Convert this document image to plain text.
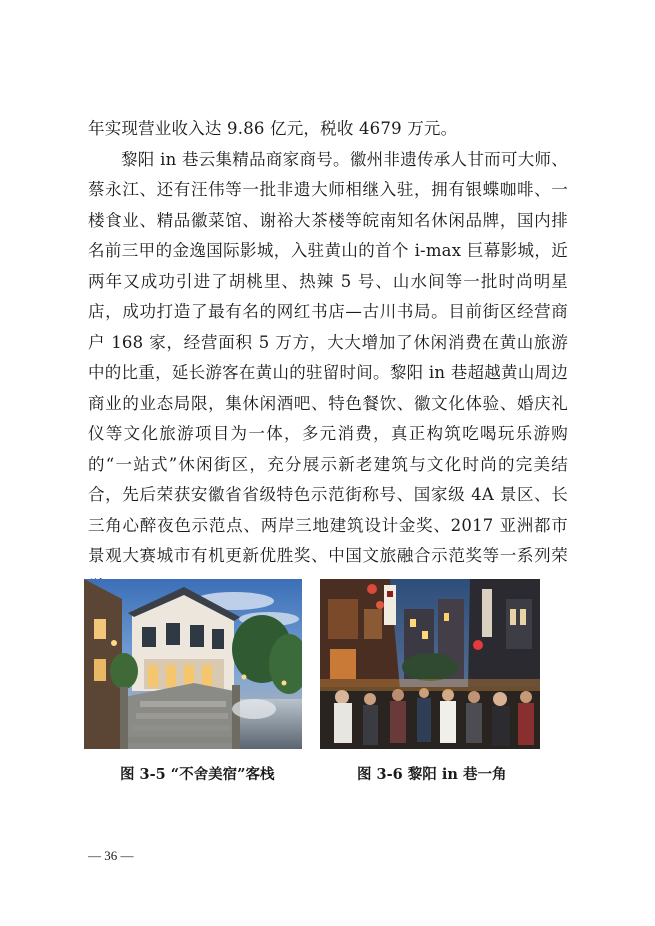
年实现营业收入达 9.86 亿元，税收 4679 万元。

黎阳 in 巷云集精品商家商号。徽州非遗传承人甘而可大师、蔡永江、还有汪伟等一批非遗大师相继入驻，拥有银蝶咖啡、一楼食业、精品徽菜馆、谢裕大茶楼等皖南知名休闲品牌，国内排名前三甲的金逸国际影城，入驻黄山的首个 i-max 巨幕影城，近两年又成功引进了胡桃里、热辣 5 号、山水间等一批时尚明星店，成功打造了最有名的网红书店—古川书局。目前街区经营商户 168 家，经营面积 5 万方，大大增加了休闲消费在黄山旅游中的比重，延长游客在黄山的驻留时间。黎阳 in 巷超越黄山周边商业的业态局限，集休闲酒吧、特色餐饮、徽文化体验、婚庆礼仪等文化旅游项目为一体，多元消费，真正构筑吃喝玩乐游购的“一站式”休闲街区，充分展示新老建筑与文化时尚的完美结合，先后荣获安徽省省级特色示范街称号、国家级 4A 景区、长三角心醉夜色示范点、两岸三地建筑设计金奖、2017 亚洲都市景观大赛城市有机更新优胜奖、中国文旅融合示范奖等一系列荣

图 3-5 “不舍美宿”客栈	图 3-6 黎阳 in 巷一角
— 36 —
